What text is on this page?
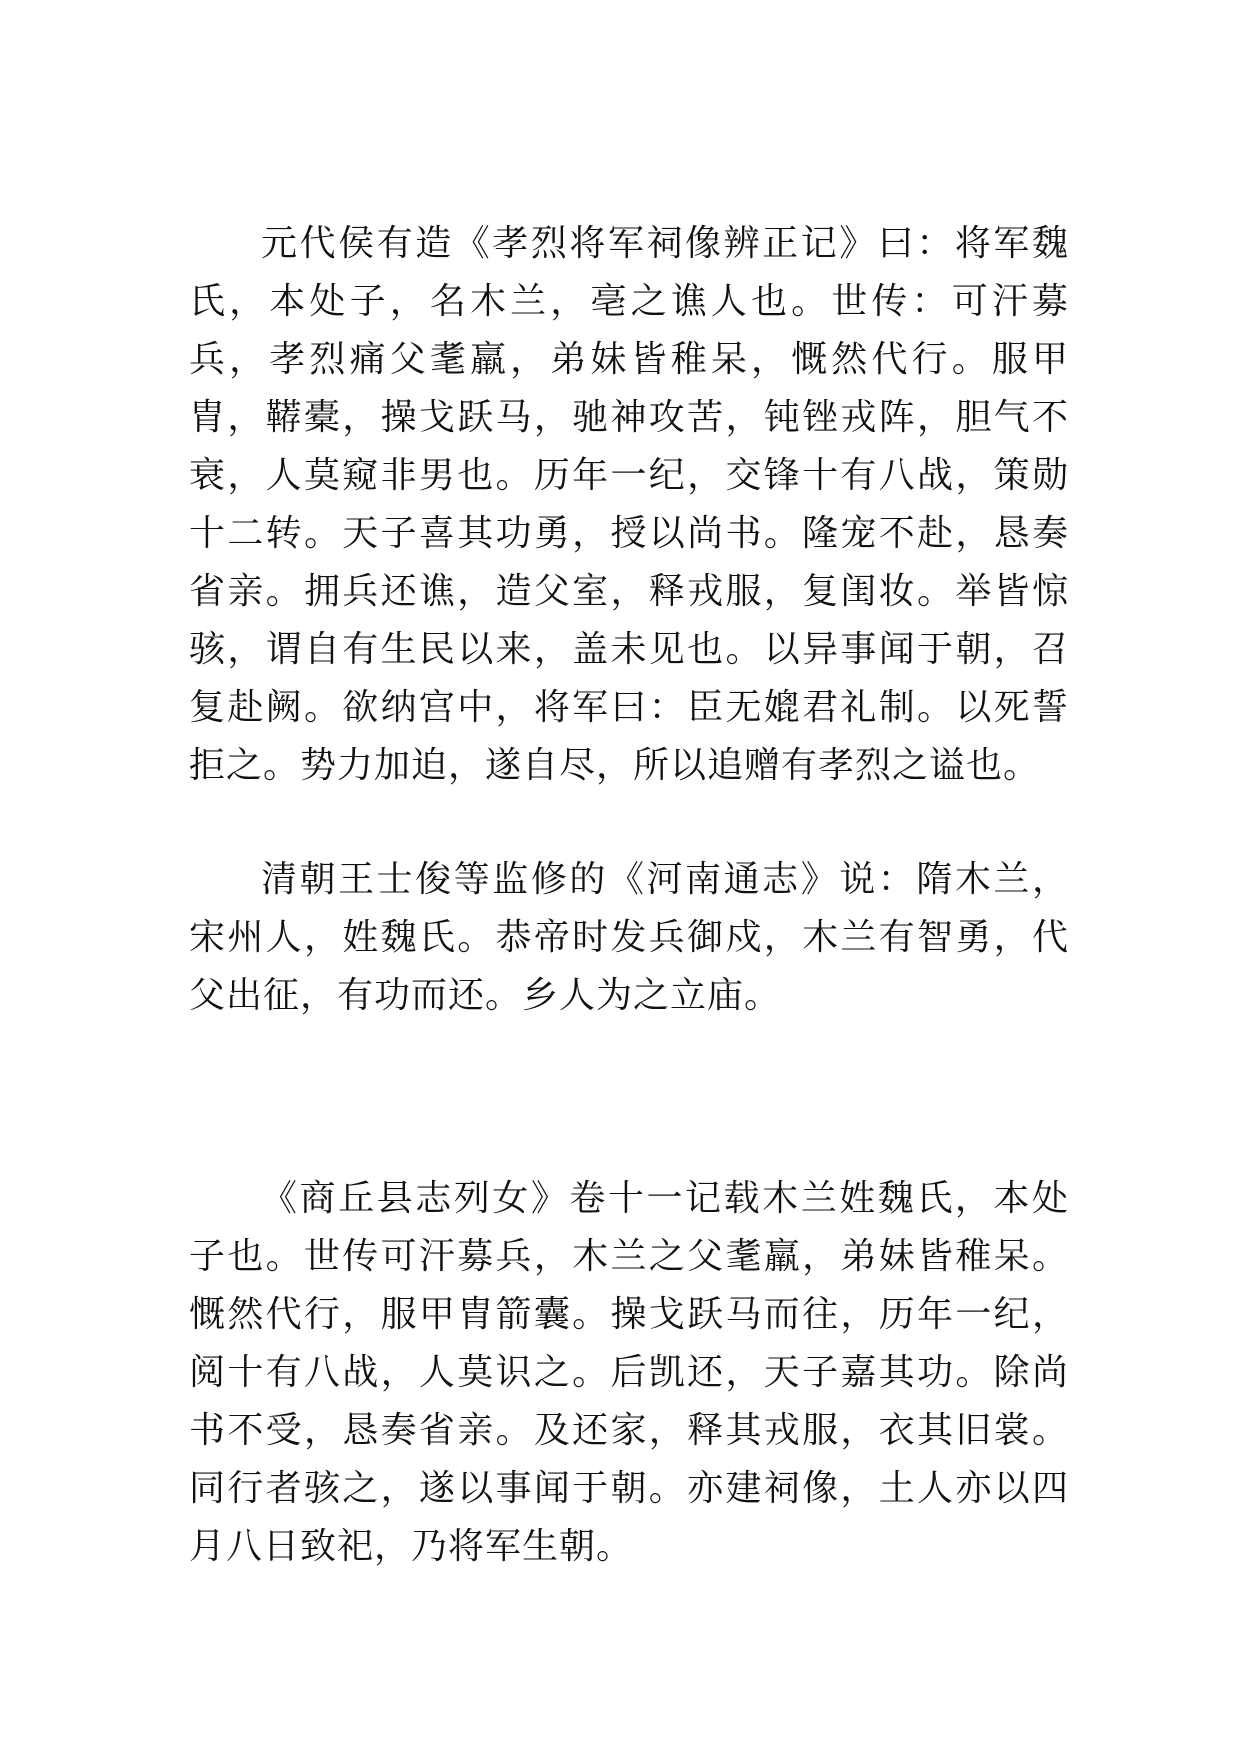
元代侯有造《孝烈将军祠像辨正记》曰：将军魏氏，本处子，名木兰，亳之谯人也。世传：可汗募兵，孝烈痛父耄羸，弟妹皆稚呆，慨然代行。服甲胄，鞯橐，操戈跃马，驰神攻苦，钝锉戎阵，胆气不衰，人莫窥非男也。历年一纪，交锋十有八战，策勋十二转。天子喜其功勇，授以尚书。隆宠不赴，恳奏省亲。拥兵还谯，造父室，释戎服，复闺妆。举皆惊骇，谓自有生民以来，盖未见也。以异事闻于朝，召复赴阙。欲纳宫中，将军曰：臣无媲君礼制。以死誓拒之。势力加迫，遂自尽，所以追赠有孝烈之谥也。

清朝王士俊等监修的《河南通志》说：隋木兰，宋州人，姓魏氏。恭帝时发兵御戍，木兰有智勇，代父出征，有功而还。乡人为之立庙。

《商丘县志列女》卷十一记载木兰姓魏氏，本处子也。世传可汗募兵，木兰之父耄羸，弟妹皆稚呆。慨然代行，服甲胄箭囊。操戈跃马而往，历年一纪，阅十有八战，人莫识之。后凯还，天子嘉其功。除尚书不受，恳奏省亲。及还家，释其戎服，衣其旧裳。同行者骇之，遂以事闻于朝。亦建祠像，土人亦以四月八日致祀，乃将军生朝。
